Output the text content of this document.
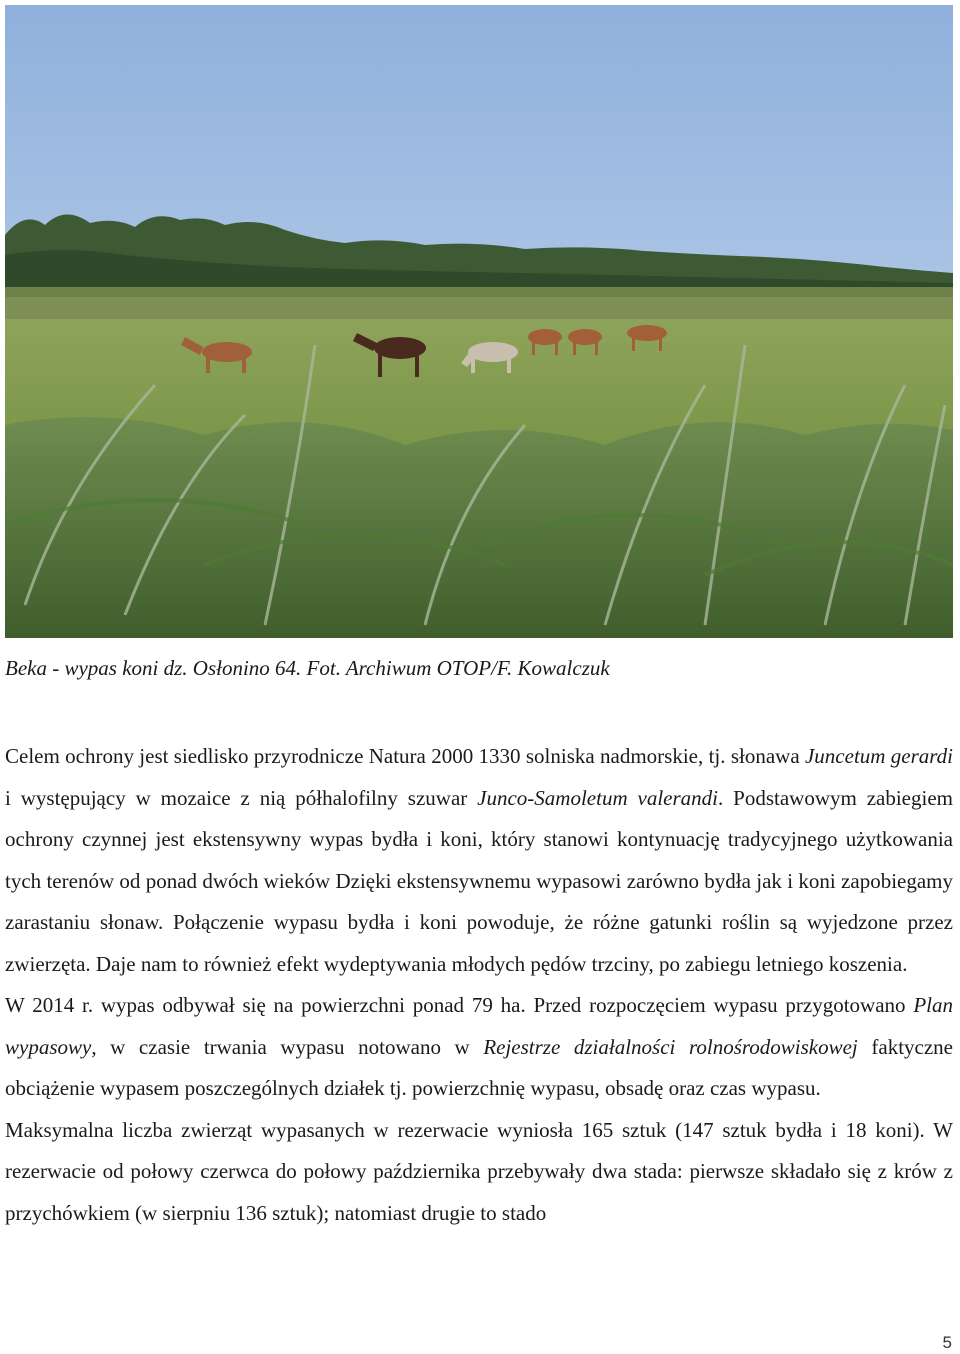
Beka - wypas koni dz. Osłonino 64. Fot. Archiwum OTOP/F. Kowalczuk

Celem ochrony jest siedlisko przyrodnicze Natura 2000 1330 solniska nadmorskie, tj. słonawa Juncetum gerardi i występujący w mozaice z nią półhalofilny szuwar Junco-Samoletum valerandi. Podstawowym zabiegiem ochrony czynnej jest ekstensywny wypas bydła i koni, który stanowi kontynuację tradycyjnego użytkowania tych terenów od ponad dwóch wieków Dzięki ekstensywnemu wypasowi zarówno bydła jak i koni zapobiegamy zarastaniu słonaw. Połączenie wypasu bydła i koni powoduje, że różne gatunki roślin są wyjedzone przez zwierzęta. Daje nam to również efekt wydeptywania młodych pędów trzciny, po zabiegu letniego koszenia.

W 2014 r. wypas odbywał się na powierzchni ponad 79 ha. Przed rozpoczęciem wypasu przygotowano Plan wypasowy, w czasie trwania wypasu notowano w Rejestrze działalności rolnośrodowiskowej faktyczne obciążenie wypasem poszczególnych działek tj. powierzchnię wypasu, obsadę oraz czas wypasu.

Maksymalna liczba zwierząt wypasanych w rezerwacie wyniosła 165 sztuk (147 sztuk bydła i 18 koni). W rezerwacie od połowy czerwca do połowy października przebywały dwa stada: pierwsze składało się z krów z przychówkiem (w sierpniu 136 sztuk); natomiast drugie to stado

5
